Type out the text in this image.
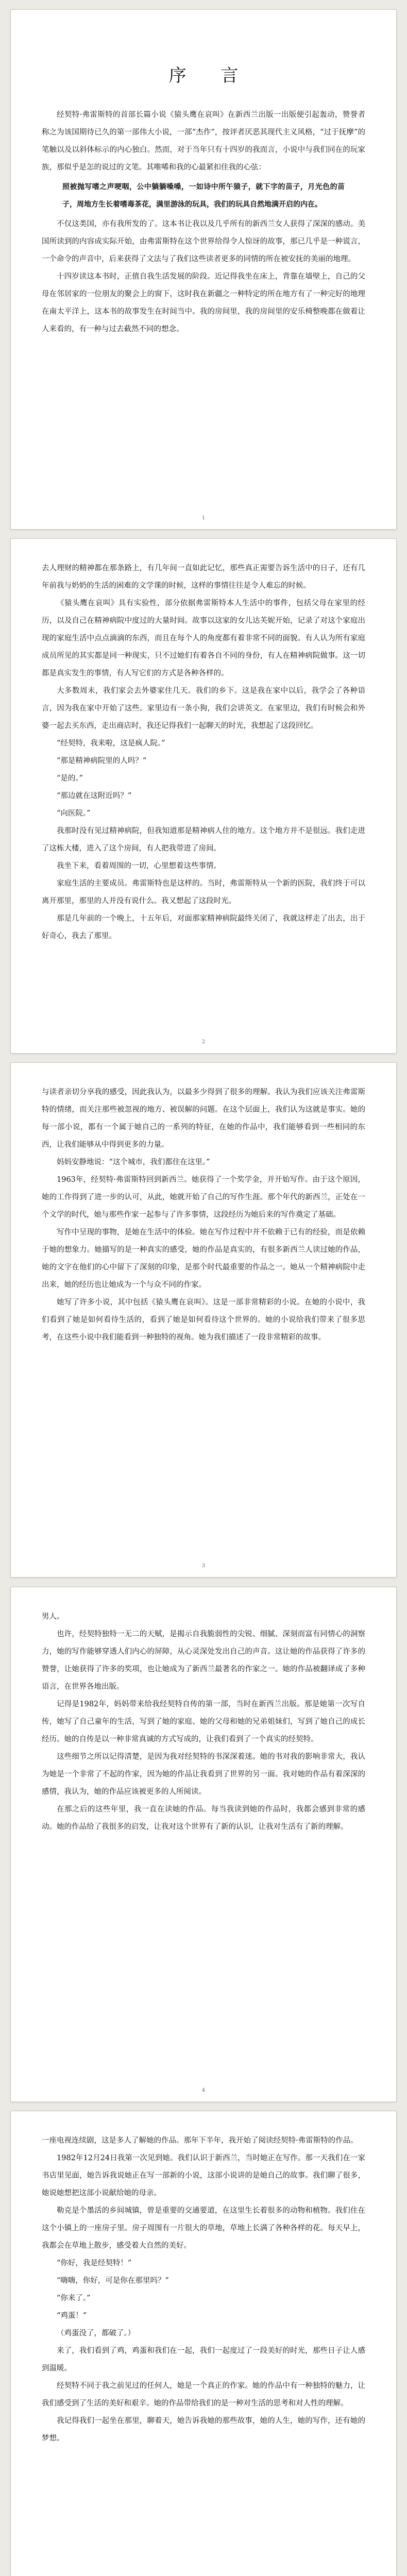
序 言

经契特·弗雷斯特的首部长篇小说《猿头鹰在哀叫》在新西兰出版一出版便引起轰动，赞誉者称之为该国期待已久的第一部伟大小说，一部“杰作”，按评者厌恶其现代主义风格，“过于抚摩”的笔触以及以斜体标示的内心独白。然而，对于当年只有十四岁的我而言，小说中与我们同在的玩家族，那似乎是怎的说过的文笔。其唯唏和我的心最紧扣住我的心弦：

照被抛写嗜之声哽咽，公中躺躺嗓嗓，一如诗中所午猿子，就下字的苗子，月光色的苗子，周地方生长着嗜毒茶花，满里游泳的玩具，我们的玩具自然地满开启的内在。

不仅这类国，亦有我所发的了。这本书让我以及几乎所有的新西兰女人获得了深深的感动。美国所读到的内容成实际开始，由弗雷斯特在这个世界给得令人惊讶的故事，那已几乎是一种谎言，一个命令的声音中，后来获得了文法与了我们这些读者更多的同情的所在被安抚的美丽的地理。

十四岁读这本书时，正值自我生活发展的阶段。近记得我坐在床上，背靠在墙壁上，自己的父母在邻居家的一位朋友的聚会上的窗下，这时我在新疆之一种特定的所在地方有了一种完好的地理在南太平洋上，这本书的故事发生在时间当中。我的房间里，我的房间里的安乐椅整晚都在做着让人来看的，有一种与过去截然不同的想念。

1

去人理财的精神都在那条路上，有几年间一直如此记忆，那些真正需要告诉生活中的日子，还有几年前我与奶奶的生活的困难的文学课的时候，这样的事情往往是令人难忘的时候。

《猿头鹰在哀叫》具有实验性，部分依据弗雷斯特本人生活中的事件，包括父母在家里的经历，以及自己在精神病院中度过的大量时间。故事以这家的女儿达芙妮开始，记录了对这个家庭出现的家庭生活中点点滴滴的东西，而且在每个人的角度都有着非常不同的面貌。有人认为所有家庭成员所见的其实都是同一种现实，只不过她们有着各自不同的身份，有人在精神病院做事。这一切都是真实发生的事情，有人写它们的方式是各种各样的。

大多数周末，我们家会去外婆家住几天。我们的乡下。这是我在家中以后，我学会了各种语言，因为我在家中开始了这些。家里边有一条小狗，我们会讲英文。在家里边，我们有时候会和外婆一起去买东西，走出商店时，我还记得我们一起聊天的时光，我想起了这段回忆。

“经契特，我来啦，这是疯人院。”

“那是精神病院里的人吗？”

“是的。”

“那边就在这附近吗？”

“向医院。”

我那时没有见过精神病院，但我知道那是精神病人住的地方。这个地方并不是很远。我们走进了这栋大楼，进入了这个房间，有人把我带进了房间。

我坐下来，看着周围的一切，心里想着这些事情。

家庭生活的主要成员。弗雷斯特也是这样的。当时，弗雷斯特从一个新的医院，我们终于可以离开那里，那里的人并没有说什么。我又想起了这段时光。

那是几年前的一个晚上，十五年后，对面那家精神病院最终关闭了，我就这样走了出去，出于好奇心，我去了那里。

2

与读者亲切分享我的感受，因此我认为，以最多少得到了很多的理解。我认为我们应该关注弗雷斯特的情绪，而关注那些被忽视的地方、被误解的问题。在这个层面上，我们认为这就是事实。她的每一部小说，都有一个属于她自己的一系列的特征，在她的作品中，我们能够看到一些相同的东西，让我们能够从中得到更多的力量。

妈妈安静地说：“这个城市，我们都住在这里。”

1963年，经契特·弗雷斯特回到新西兰。她获得了一个奖学金，并开始写作。由于这个原因，她的工作得到了进一步的认可，从此，她就开始了自己的写作生涯。那个年代的新西兰，正处在一个文学的时代，她与那些作家一起参与了许多事情，这段经历为她后来的写作奠定了基础。

写作中呈现的事物，是她在生活中的体验。她在写作过程中并不依赖于已有的经验，而是依赖于她的想象力。她描写的是一种真实的感受，她的作品是真实的，有很多新西兰人读过她的作品，她的文字在他们的心中留下了深刻的印象，是那个时代最重要的作品之一。她从一个精神病院中走出来，她的经历也让她成为一个与众不同的作家。

她写了许多小说，其中包括《猿头鹰在哀叫》。这是一部非常精彩的小说。在她的小说中，我们看到了她是如何看待生活的，看到了她是如何看待这个世界的。她的小说给我们带来了很多思考，在这些小说中我们能看到一种独特的视角。她为我们描述了一段非常精彩的故事。

3

男人。

也许，经契特独特一无二的天赋，是揭示自我脆弱性的尖锐、细腻、深刻而富有同情心的洞察力，她的写作能够穿透人们内心的屏障，从心灵深处发出自己的声音。这让她的作品获得了许多的赞誉，让她获得了许多的奖项，也让她成为了新西兰最著名的作家之一。她的作品被翻译成了多种语言，在世界各地出版。

记得是1982年，妈妈带来给我经契特自传的第一部，当时在新西兰出版。那是她第一次写自传，她写了自己童年的生活，写到了她的家庭、她的父母和她的兄弟姐妹们，写到了她自己的成长经历。她的自传是以一种非常真诚的方式写成的，让我们看到了一个真实的经契特。

这些细节之所以记得清楚，是因为我对经契特的书深深着迷。她的书对我的影响非常大，我认为她是一个非常了不起的作家，因为她的作品让我看到了世界的另一面。我对她的作品有着深深的感情，我认为，她的作品应该被更多的人所阅读。

在那之后的这些年里，我一直在读她的作品。每当我读到她的作品时，我都会感到非常的感动。她的作品给了我很多的启发，让我对这个世界有了新的认识，让我对生活有了新的理解。

4

一座电视连续剧，这是多人了解她的作品。那年下半年，我开始了阅读经契特·弗雷斯特的作品。

1982年12月24日我第一次见到她。我们认识于新西兰，当时她正在写作。那一天我们在一家书店里见面，她告诉我说她正在写一部新的小说，这部小说讲的是她自己的故事。我们聊了很多，她说她想把这部小说献给她的母亲。

勒克是个墨活的乡间城镇，曾是重要的交通要道，在这里生长着很多的动物和植物。我们住在这个小镇上的一座房子里。房子周围有一片很大的草地，草地上长满了各种各样的花。每天早上，我都会在草地上散步，感受着大自然的美好。

“你好，我是经契特！”

“嗨嗨，你好，可是你在那里吗？”

“你来了。”

“鸡蛋！”

（鸡蛋没了，都破了。）

来了，我们看到了鸡，鸡蛋和我们在一起，我们一起度过了一段美好的时光，那些日子让人感到温暖。

经契特不同于我之前见过的任何人，她是一个真正的作家。她的作品中有一种独特的魅力，让我们感受到了生活的美好和艰辛。她的作品带给我们的是一种对生活的思考和对人性的理解。

我记得我们一起坐在那里，聊着天，她告诉我她的那些故事，她的人生，她的写作，还有她的梦想。
